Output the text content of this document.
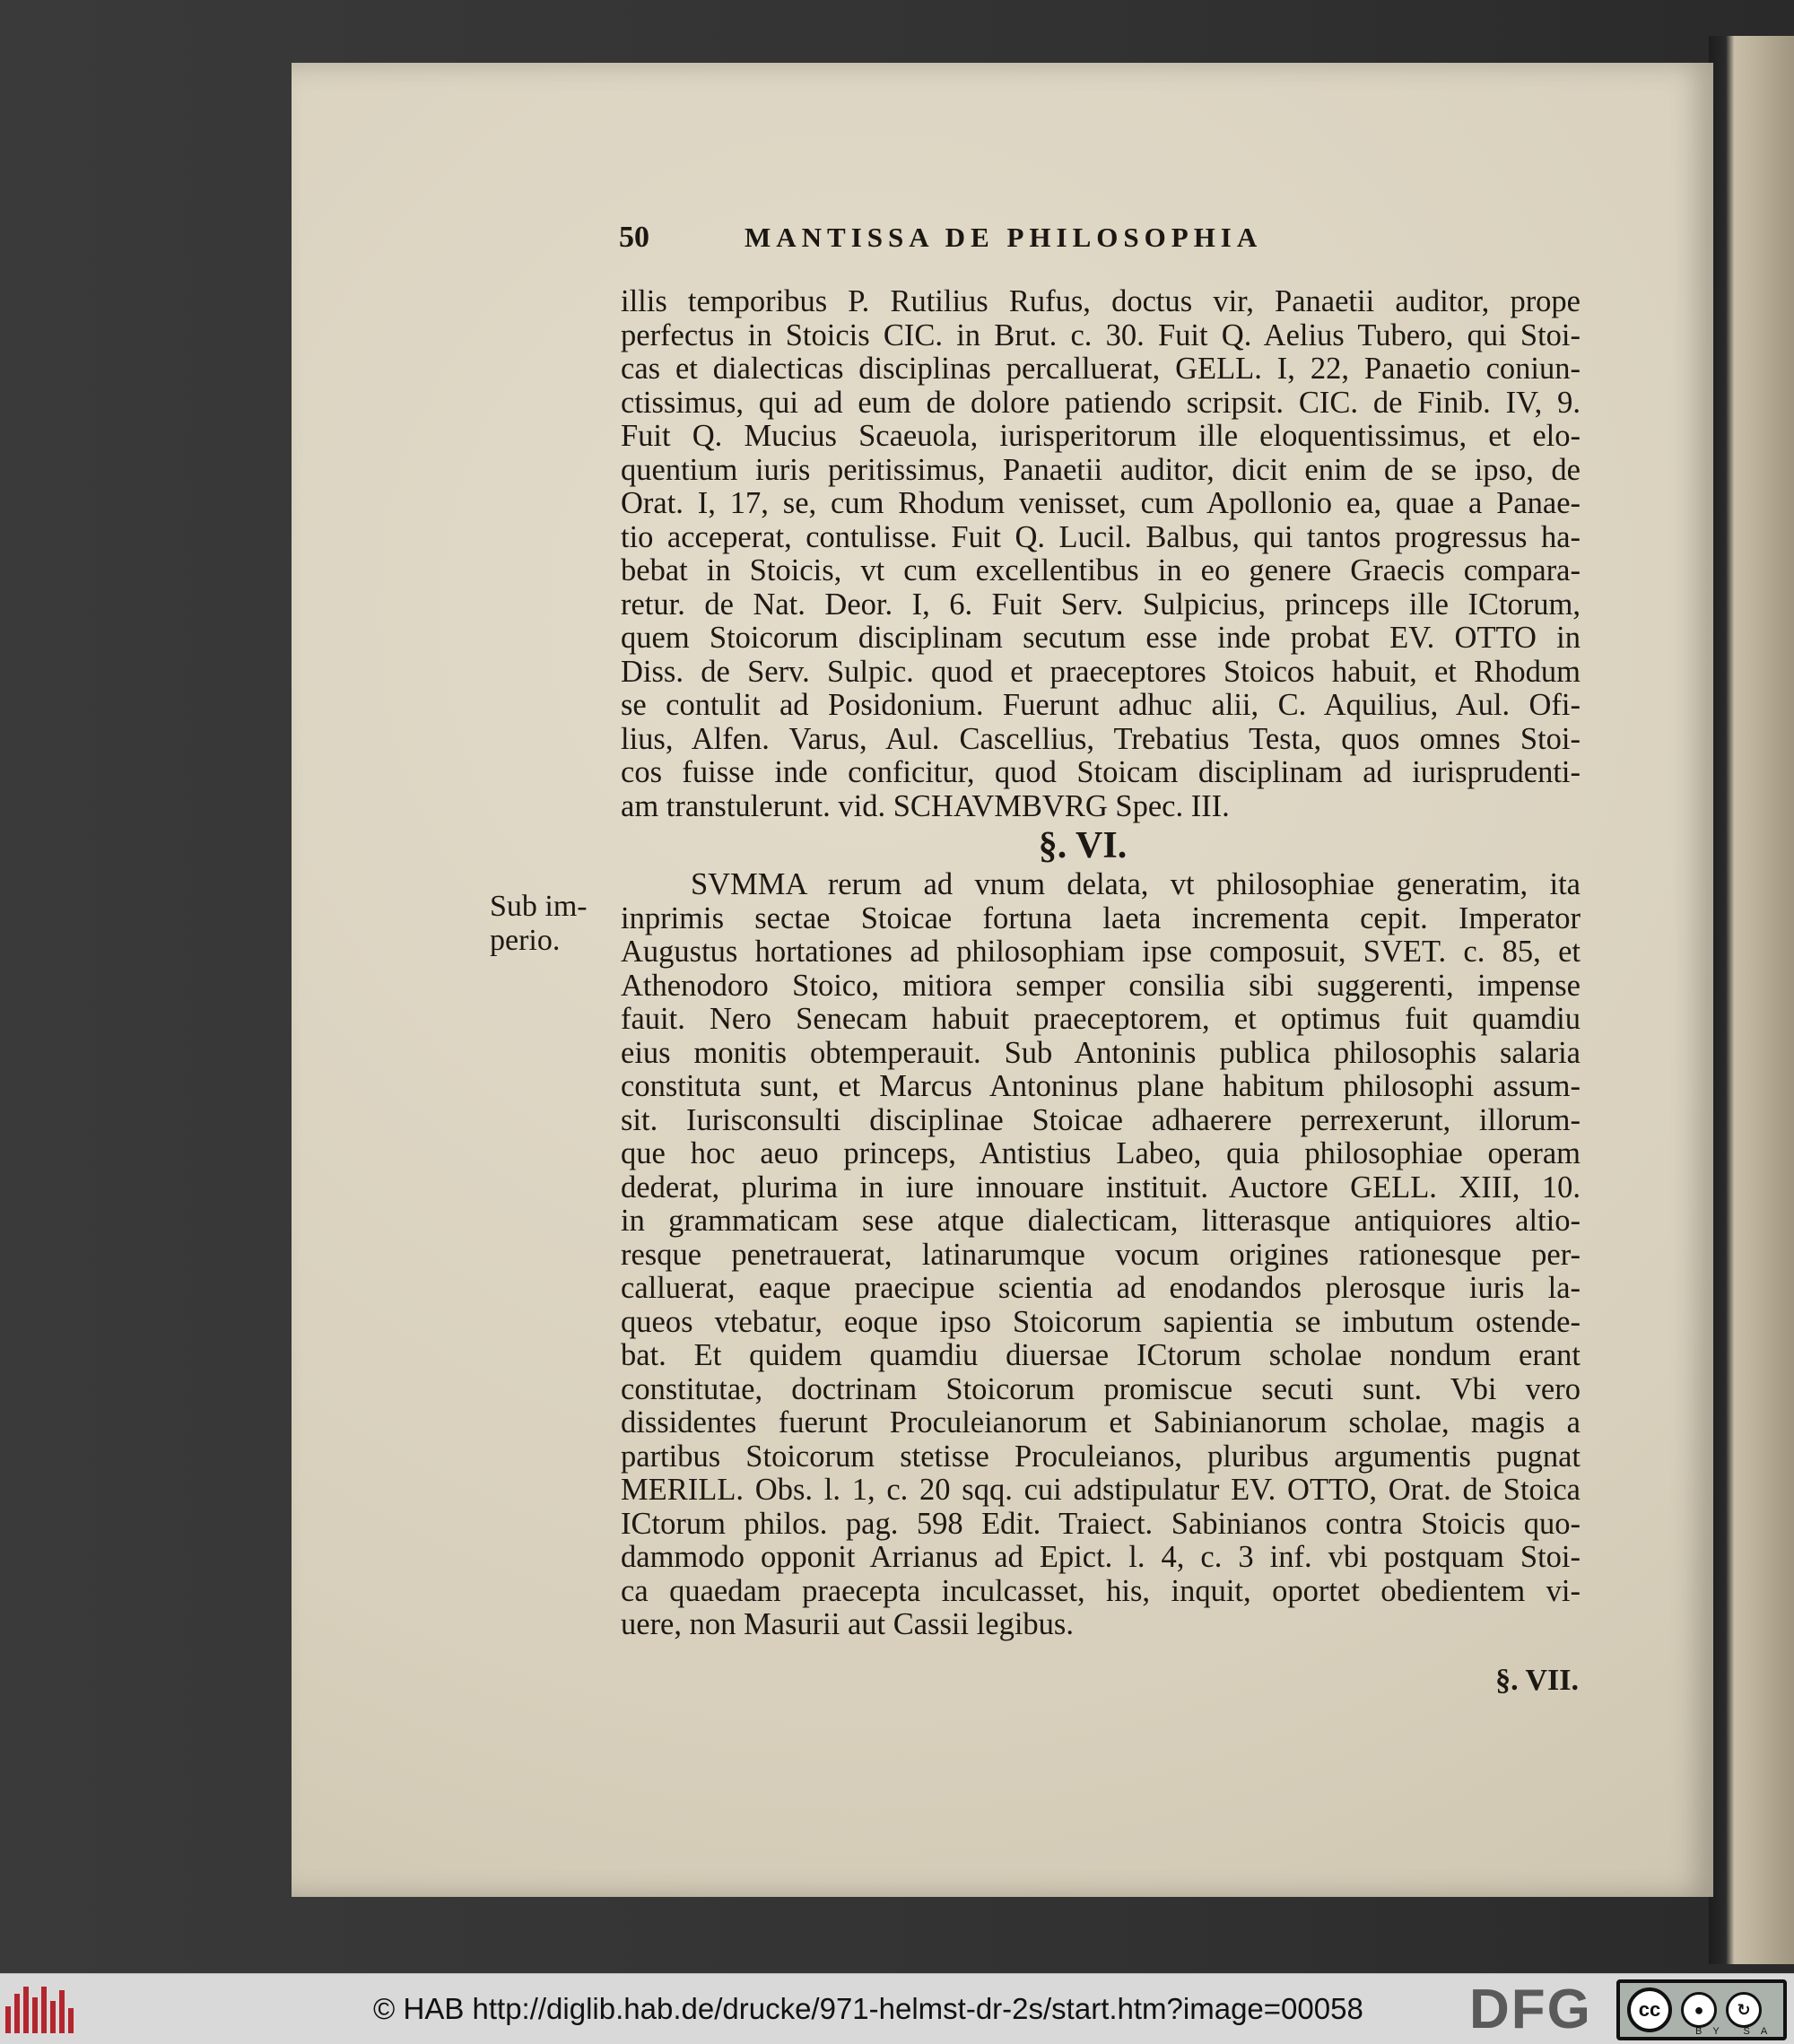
50	MANTISSA DE PHILOSOPHIA
Sub im-
perio.
illis temporibus P. Rutilius Rufus, doctus vir, Panaetii auditor, prope
perfectus in Stoicis CIC. in Brut. c. 30. Fuit Q. Aelius Tubero, qui Stoi-
cas et dialecticas disciplinas percalluerat, GELL. I, 22, Panaetio coniun-
ctissimus, qui ad eum de dolore patiendo scripsit. CIC. de Finib. IV, 9.
Fuit Q. Mucius Scaeuola, iurisperitorum ille eloquentissimus, et elo-
quentium iuris peritissimus, Panaetii auditor, dicit enim de se ipso, de
Orat. I, 17, se, cum Rhodum venisset, cum Apollonio ea, quae a Panae-
tio acceperat, contulisse. Fuit Q. Lucil. Balbus, qui tantos progressus ha-
bebat in Stoicis, vt cum excellentibus in eo genere Graecis compara-
retur. de Nat. Deor. I, 6. Fuit Serv. Sulpicius, princeps ille ICtorum,
quem Stoicorum disciplinam secutum esse inde probat EV. OTTO in
Diss. de Serv. Sulpic. quod et praeceptores Stoicos habuit, et Rhodum
se contulit ad Posidonium. Fuerunt adhuc alii, C. Aquilius, Aul. Ofi-
lius, Alfen. Varus, Aul. Cascellius, Trebatius Testa, quos omnes Stoi-
cos fuisse inde conficitur, quod Stoicam disciplinam ad iurisprudenti-
am transtulerunt. vid. SCHAVMBVRG Spec. III.
§. VI.
SVMMA rerum ad vnum delata, vt philosophiae generatim, ita
inprimis sectae Stoicae fortuna laeta incrementa cepit. Imperator
Augustus hortationes ad philosophiam ipse composuit, SVET. c. 85, et
Athenodoro Stoico, mitiora semper consilia sibi suggerenti, impense
fauit. Nero Senecam habuit praeceptorem, et optimus fuit quamdiu
eius monitis obtemperauit. Sub Antoninis publica philosophis salaria
constituta sunt, et Marcus Antoninus plane habitum philosophi assum-
sit. Iurisconsulti disciplinae Stoicae adhaerere perrexerunt, illorum-
que hoc aeuo princeps, Antistius Labeo, quia philosophiae operam
dederat, plurima in iure innouare instituit. Auctore GELL. XIII, 10.
in grammaticam sese atque dialecticam, litterasque antiquiores altio-
resque penetrauerat, latinarumque vocum origines rationesque per-
calluerat, eaque praecipue scientia ad enodandos plerosque iuris la-
queos vtebatur, eoque ipso Stoicorum sapientia se imbutum ostende-
bat. Et quidem quamdiu diuersae ICtorum scholae nondum erant
constitutae, doctrinam Stoicorum promiscue secuti sunt. Vbi vero
dissidentes fuerunt Proculeianorum et Sabinianorum scholae, magis a
partibus Stoicorum stetisse Proculeianos, pluribus argumentis pugnat
MERILL. Obs. l. 1, c. 20 sqq. cui adstipulatur EV. OTTO, Orat. de Stoica
ICtorum philos. pag. 598 Edit. Traiect. Sabinianos contra Stoicis quo-
dammodo opponit Arrianus ad Epict. l. 4, c. 3 inf. vbi postquam Stoi-
ca quaedam praecepta inculcasset, his, inquit, oportet obedientem vi-
uere, non Masurii aut Cassii legibus.
§. VII.
© HAB http://diglib.hab.de/drucke/971-helmst-dr-2s/start.htm?image=00058 DFG	cc	●	↻
BY SA
